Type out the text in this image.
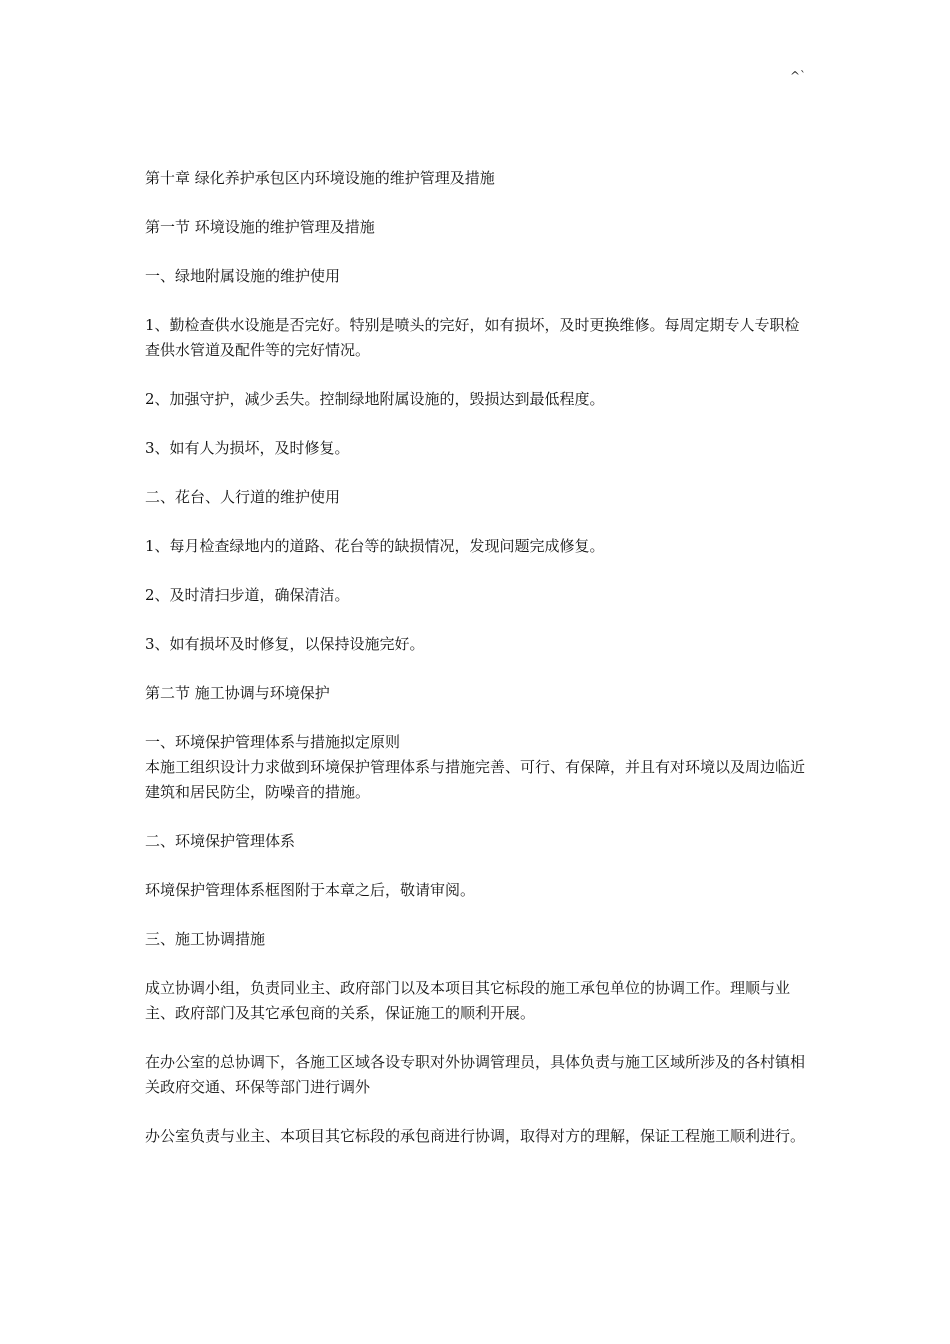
^`

第十章 绿化养护承包区内环境设施的维护管理及措施

第一节 环境设施的维护管理及措施

一、绿地附属设施的维护使用

1、勤检查供水设施是否完好。特别是喷头的完好，如有损坏，及时更换维修。每周定期专人专职检查供水管道及配件等的完好情况。

2、加强守护，减少丢失。控制绿地附属设施的，毁损达到最低程度。

3、如有人为损坏，及时修复。

二、花台、人行道的维护使用

1、每月检查绿地内的道路、花台等的缺损情况，发现问题完成修复。

2、及时清扫步道，确保清洁。

3、如有损坏及时修复，以保持设施完好。

第二节 施工协调与环境保护

一、环境保护管理体系与措施拟定原则

本施工组织设计力求做到环境保护管理体系与措施完善、可行、有保障，并且有对环境以及周边临近建筑和居民防尘，防噪音的措施。

二、环境保护管理体系

环境保护管理体系框图附于本章之后，敬请审阅。

三、施工协调措施

成立协调小组，负责同业主、政府部门以及本项目其它标段的施工承包单位的协调工作。理顺与业主、政府部门及其它承包商的关系，保证施工的顺利开展。

在办公室的总协调下，各施工区域各设专职对外协调管理员，具体负责与施工区域所涉及的各村镇相关政府交通、环保等部门进行调外

办公室负责与业主、本项目其它标段的承包商进行协调，取得对方的理解，保证工程施工顺利进行。
